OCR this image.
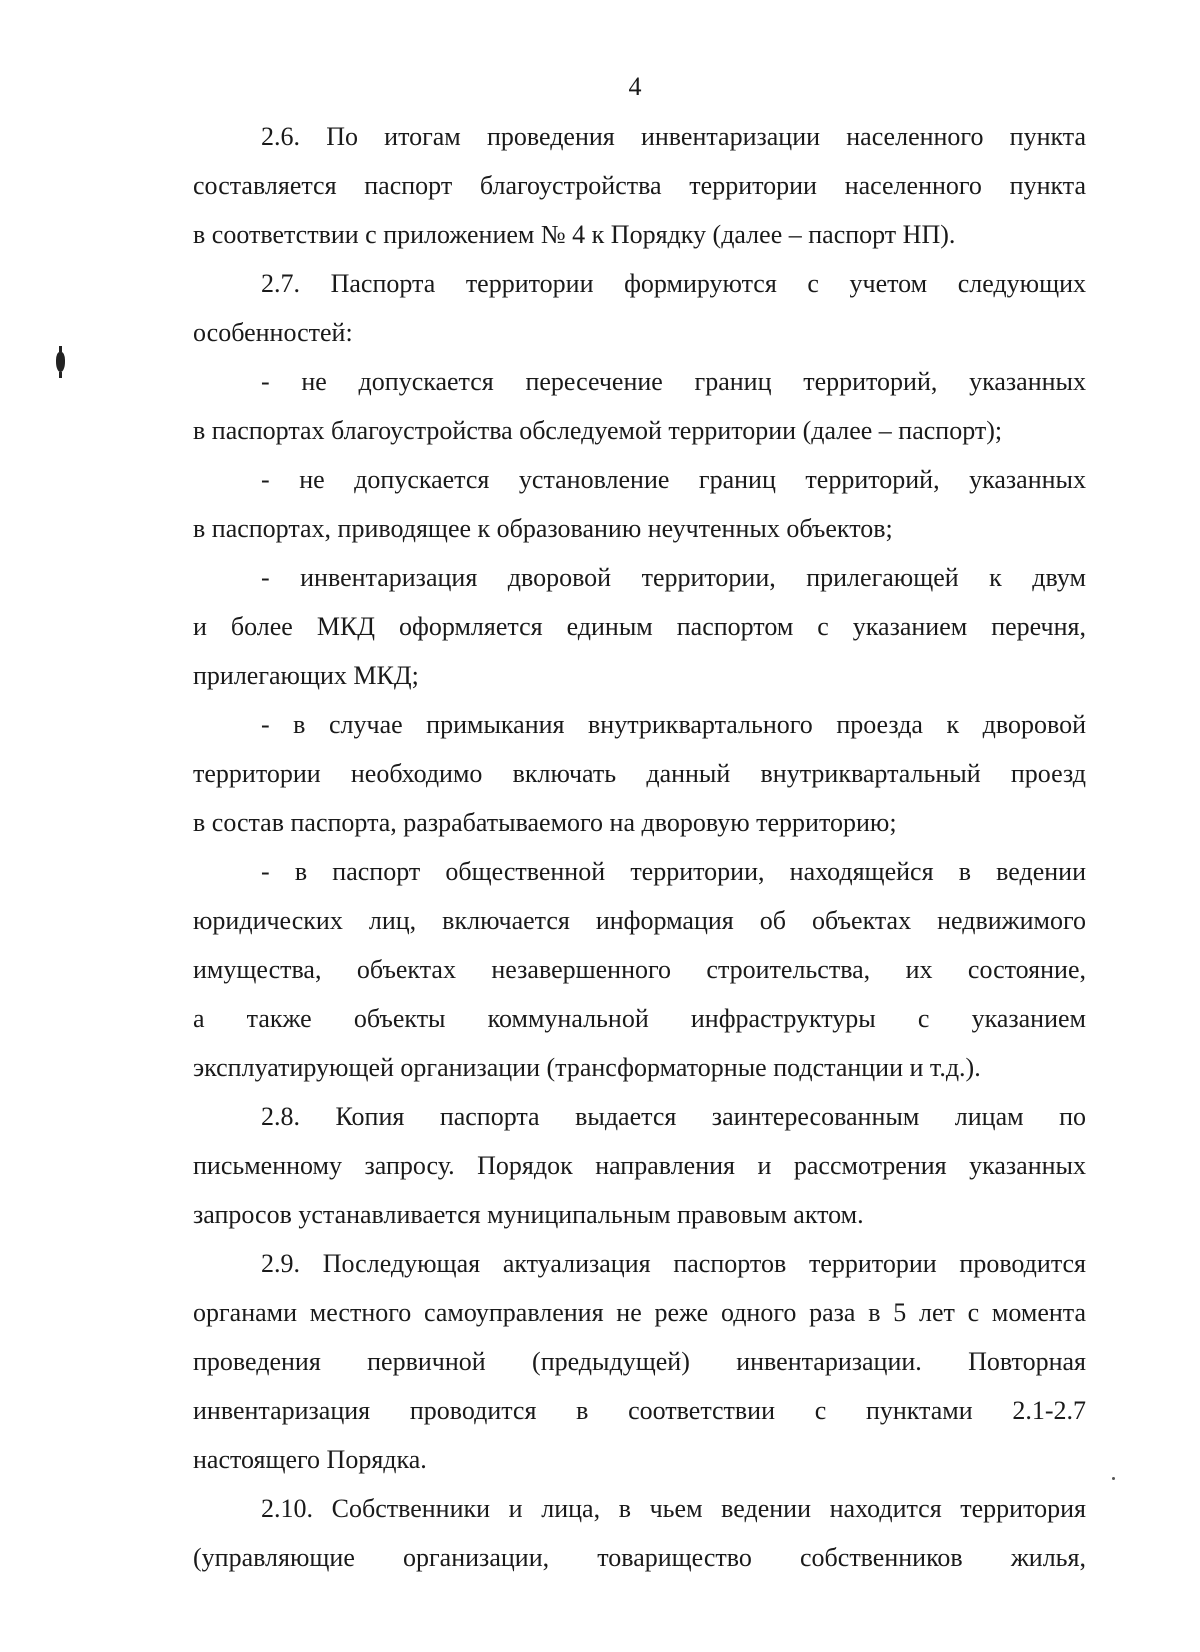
4
2.6. По итогам проведения инвентаризации населенного пункта
составляется паспорт благоустройства территории населенного пункта
в соответствии с приложением № 4 к Порядку (далее – паспорт НП).
2.7. Паспорта территории формируются с учетом следующих
особенностей:
- не допускается пересечение границ территорий, указанных
в паспортах благоустройства обследуемой территории (далее – паспорт);
- не допускается установление границ территорий, указанных
в паспортах, приводящее к образованию неучтенных объектов;
- инвентаризация дворовой территории, прилегающей к двум
и более МКД оформляется единым паспортом с указанием перечня,
прилегающих МКД;
- в случае примыкания внутриквартального проезда к дворовой
территории необходимо включать данный внутриквартальный проезд
в состав паспорта, разрабатываемого на дворовую территорию;
- в паспорт общественной территории, находящейся в ведении
юридических лиц, включается информация об объектах недвижимого
имущества, объектах незавершенного строительства, их состояние,
а также объекты коммунальной инфраструктуры с указанием
эксплуатирующей организации (трансформаторные подстанции и т.д.).
2.8. Копия паспорта выдается заинтересованным лицам по
письменному запросу. Порядок направления и рассмотрения указанных
запросов устанавливается муниципальным правовым актом.
2.9. Последующая актуализация паспортов территории проводится
органами местного самоуправления не реже одного раза в 5 лет с момента
проведения первичной (предыдущей) инвентаризации. Повторная
инвентаризация проводится в соответствии с пунктами 2.1-2.7
настоящего Порядка.
2.10. Собственники и лица, в чьем ведении находится территория
(управляющие организации, товарищество собственников жилья,
